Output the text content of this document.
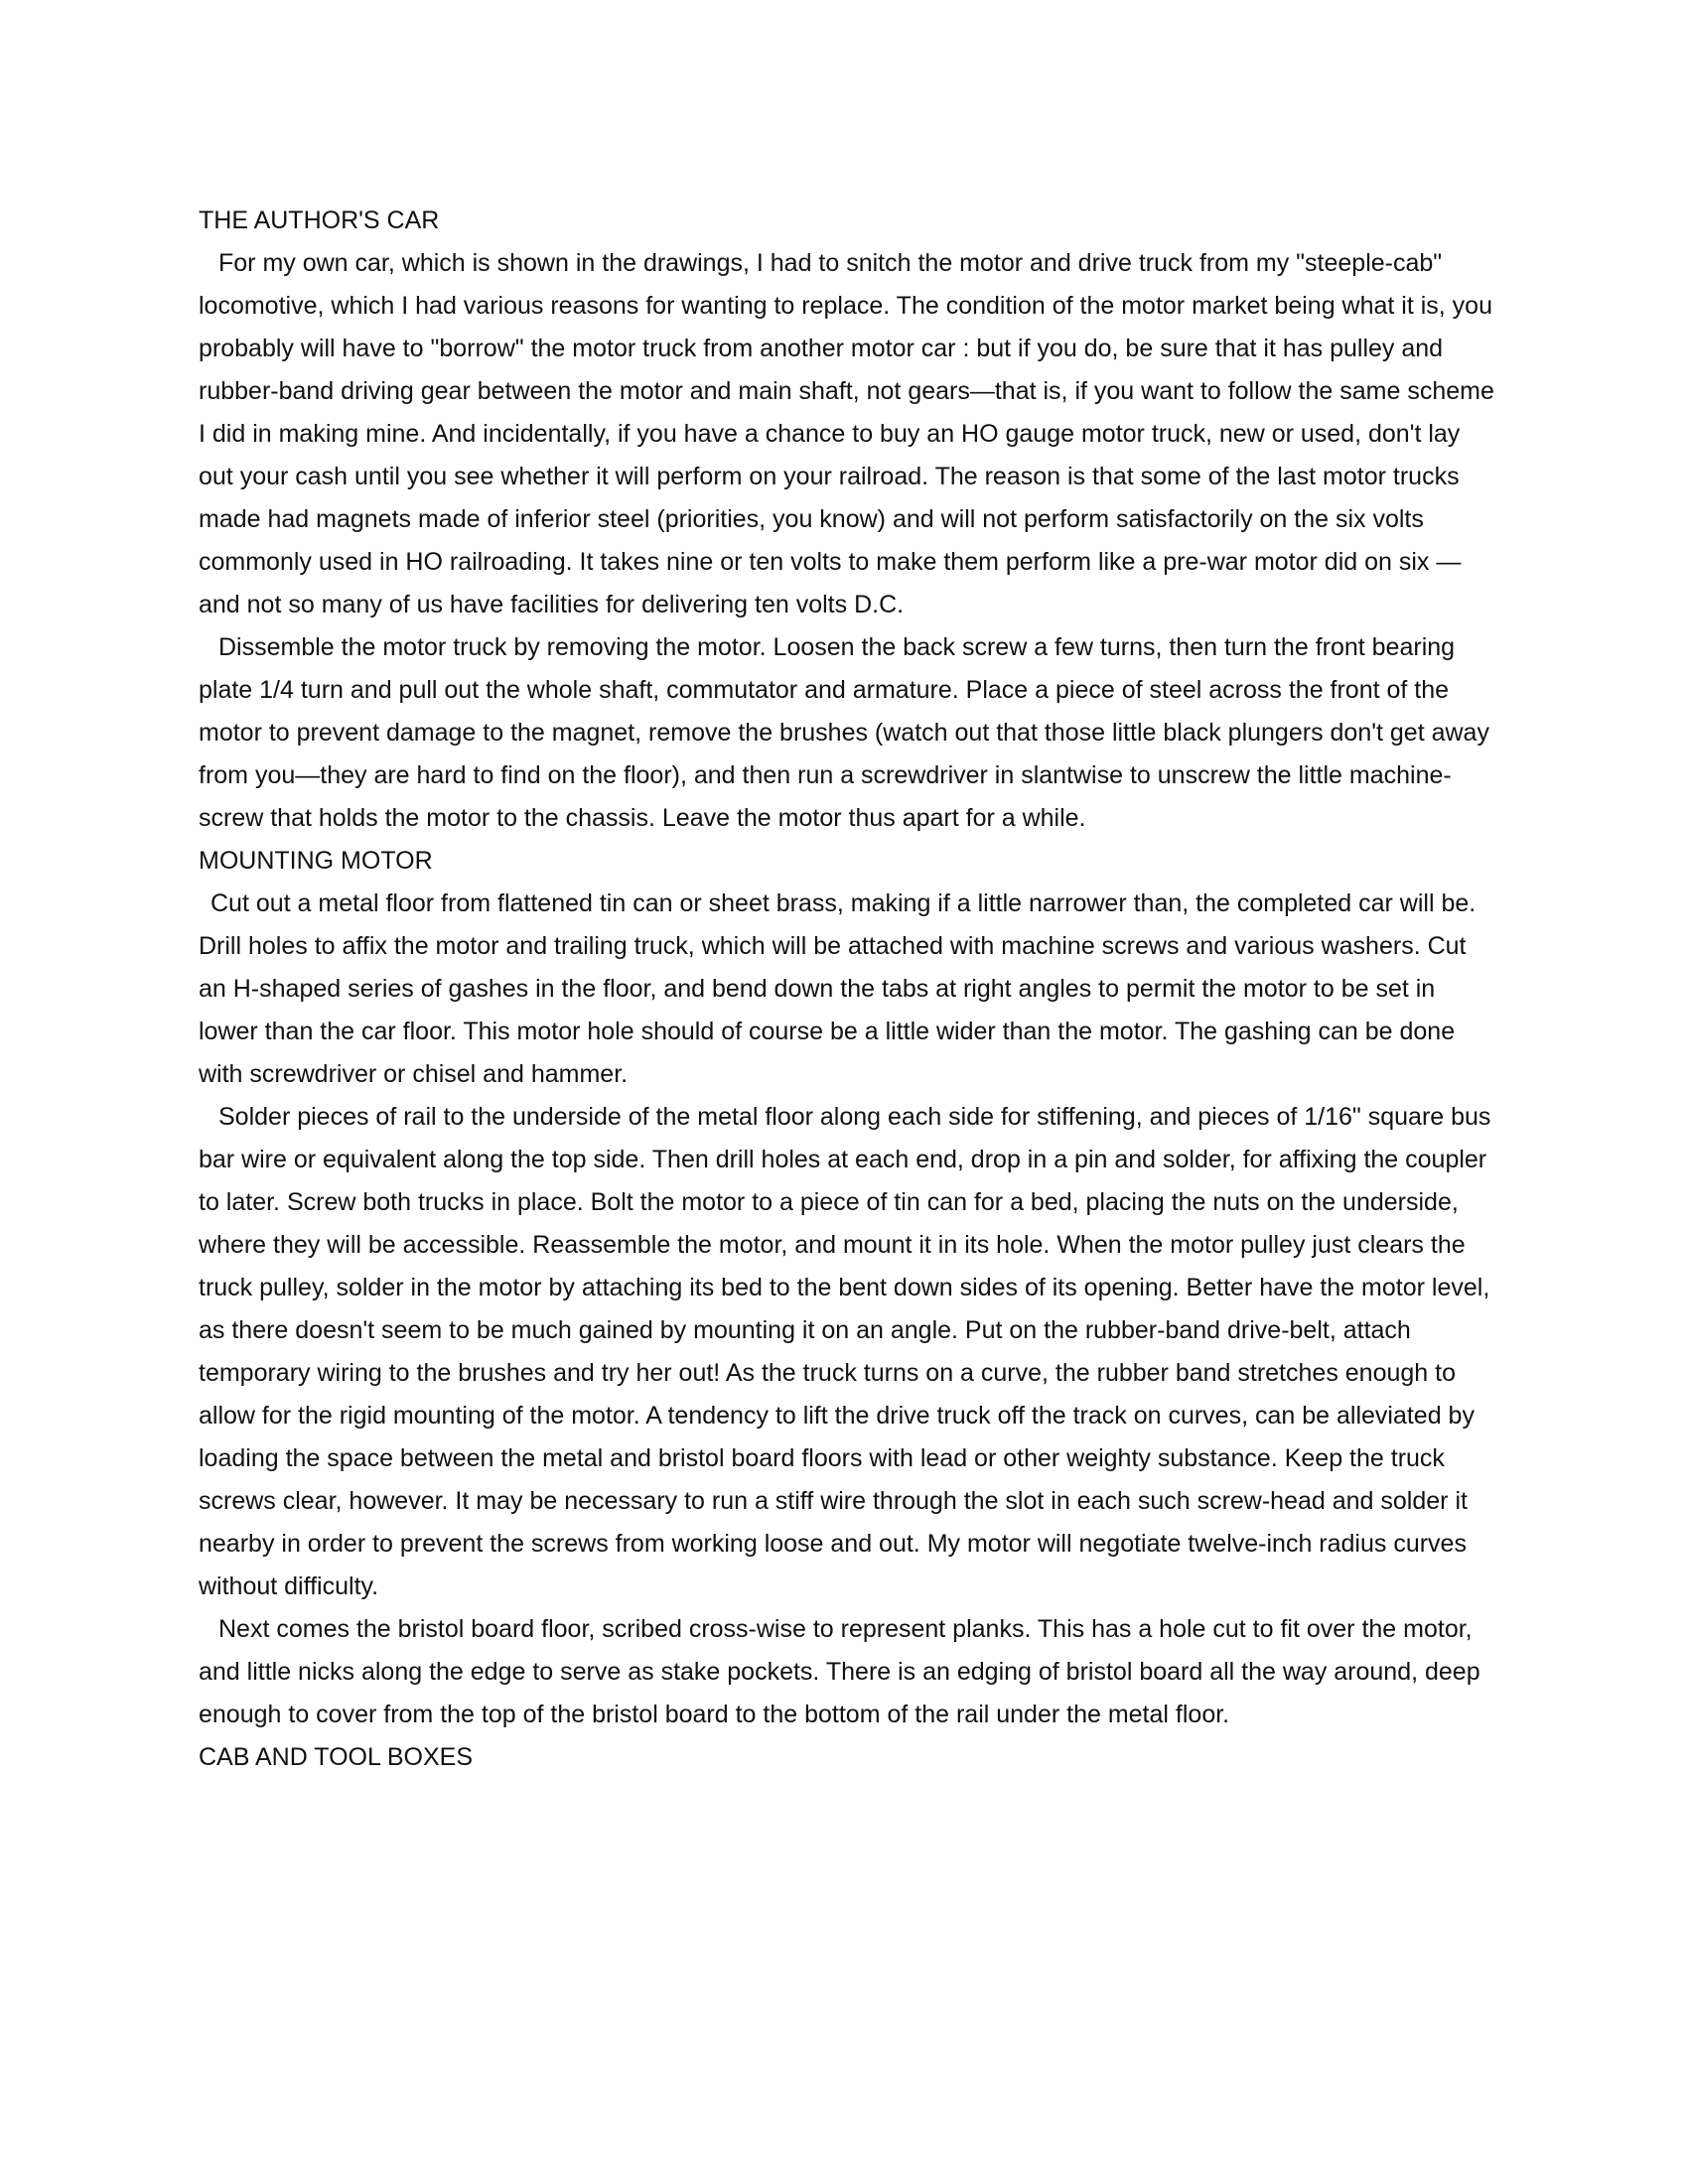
THE AUTHOR'S CAR

For my own car, which is shown in the drawings, I had to snitch the motor and drive truck from my "steeple-cab" locomotive, which I had various reasons for wanting to replace. The condition of the motor market being what it is, you probably will have to "borrow" the motor truck from another motor car : but if you do, be sure that it has pulley and rubber-band driving gear between the motor and main shaft, not gears—that is, if you want to follow the same scheme I did in making mine. And incidentally, if you have a chance to buy an HO gauge motor truck, new or used, don't lay out your cash until you see whether it will perform on your railroad. The reason is that some of the last motor trucks made had magnets made of inferior steel (priorities, you know) and will not perform satisfactorily on the six volts commonly used in HO railroading. It takes nine or ten volts to make them perform like a pre-war motor did on six —and not so many of us have facilities for delivering ten volts D.C.

Dissemble the motor truck by removing the motor. Loosen the back screw a few turns, then turn the front bearing plate 1/4 turn and pull out the whole shaft, commutator and armature. Place a piece of steel across the front of the motor to prevent damage to the magnet, remove the brushes (watch out that those little black plungers don't get away from you—they are hard to find on the floor), and then run a screwdriver in slantwise to unscrew the little machine-screw that holds the motor to the chassis. Leave the motor thus apart for a while.

MOUNTING MOTOR

Cut out a metal floor from flattened tin can or sheet brass, making if a little narrower than, the completed car will be. Drill holes to affix the motor and trailing truck, which will be attached with machine screws and various washers. Cut an H-shaped series of gashes in the floor, and bend down the tabs at right angles to permit the motor to be set in lower than the car floor. This motor hole should of course be a little wider than the motor. The gashing can be done with screwdriver or chisel and hammer.

Solder pieces of rail to the underside of the metal floor along each side for stiffening, and pieces of 1/16" square bus bar wire or equivalent along the top side. Then drill holes at each end, drop in a pin and solder, for affixing the coupler to later. Screw both trucks in place. Bolt the motor to a piece of tin can for a bed, placing the nuts on the underside, where they will be accessible. Reassemble the motor, and mount it in its hole. When the motor pulley just clears the truck pulley, solder in the motor by attaching its bed to the bent down sides of its opening. Better have the motor level, as there doesn't seem to be much gained by mounting it on an angle. Put on the rubber-band drive-belt, attach temporary wiring to the brushes and try her out! As the truck turns on a curve, the rubber band stretches enough to allow for the rigid mounting of the motor. A tendency to lift the drive truck off the track on curves, can be alleviated by loading the space between the metal and bristol board floors with lead or other weighty substance. Keep the truck screws clear, however. It may be necessary to run a stiff wire through the slot in each such screw-head and solder it nearby in order to prevent the screws from working loose and out. My motor will negotiate twelve-inch radius curves without difficulty.

Next comes the bristol board floor, scribed cross-wise to represent planks. This has a hole cut to fit over the motor, and little nicks along the edge to serve as stake pockets. There is an edging of bristol board all the way around, deep enough to cover from the top of the bristol board to the bottom of the rail under the metal floor.

CAB AND TOOL BOXES
